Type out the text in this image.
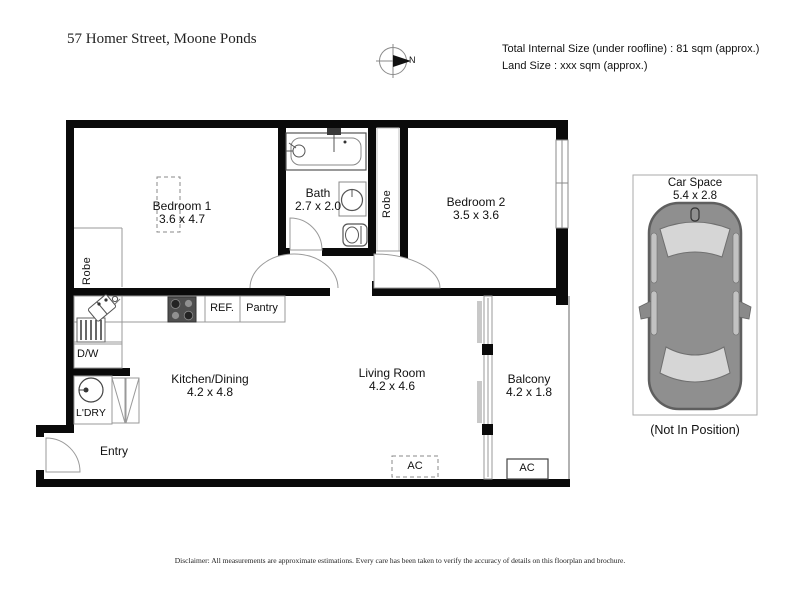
57 Homer Street, Moone Ponds
N
Total Internal Size (under roofline) : 81 sqm (approx.)
Land Size : xxx sqm (approx.)
Bedroom 1
3.6 x 4.7
Bath
2.7 x 2.0	Bedroom 2
3.5 x 3.6
Kitchen/Dining
4.2 x 4.8
Living Room
4.2 x 4.6	Balcony
4.2 x 1.8
Entry
Robe
Robe
REF. Pantry
D/W
L'DRY
AC	AC
Car Space
5.4 x 2.8
(Not In Position)
Disclaimer: All measurements are approximate estimations. Every care has been taken to verify the accuracy of details on this floorplan and brochure.
